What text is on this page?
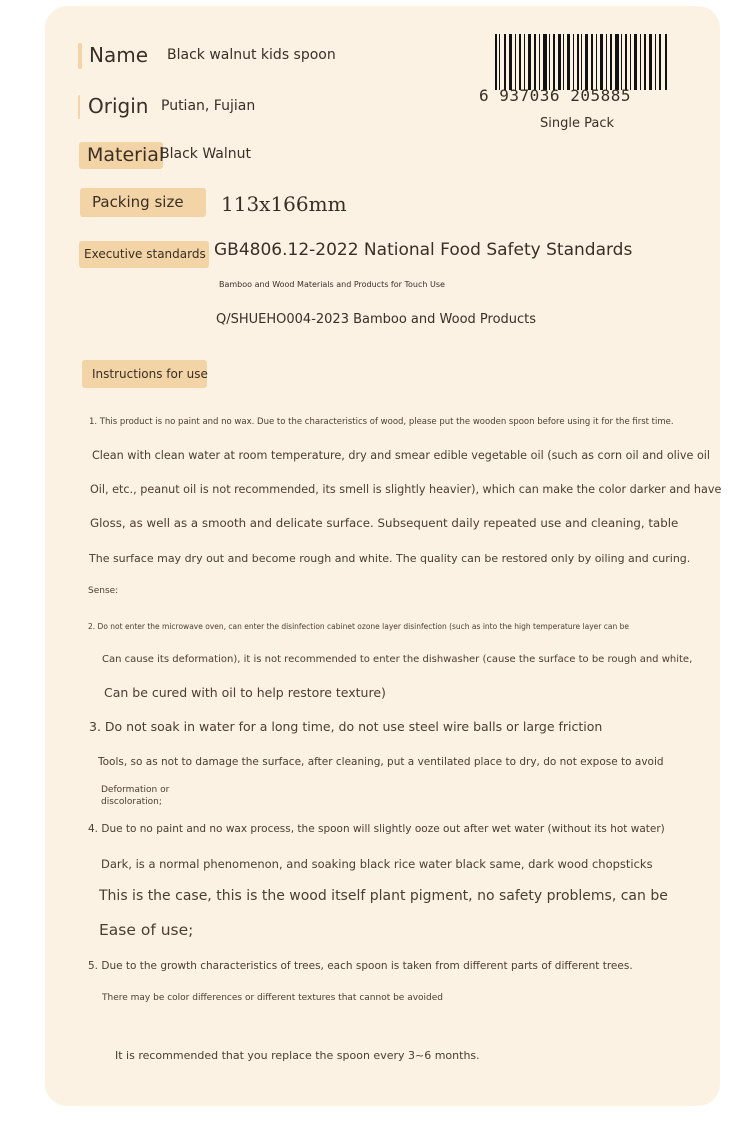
Name Black walnut kids spoon
Origin Putian, Fujian
Material
Black Walnut
Packing size 113x166mm
Executive standards GB4806.12-2022 National Food Safety Standards
Bamboo and Wood Materials and Products for Touch Use
Q/SHUEHO004-2023 Bamboo and Wood Products
6 937036 205885
Single Pack
Instructions for use
1. This product is no paint and no wax. Due to the characteristics of wood, please put the wooden spoon before using it for the first time.
Clean with clean water at room temperature, dry and smear edible vegetable oil (such as corn oil and olive oil
Oil, etc., peanut oil is not recommended, its smell is slightly heavier), which can make the color darker and have
Gloss, as well as a smooth and delicate surface. Subsequent daily repeated use and cleaning, table
The surface may dry out and become rough and white. The quality can be restored only by oiling and curing.
Sense:
2. Do not enter the microwave oven, can enter the disinfection cabinet ozone layer disinfection (such as into the high temperature layer can be
Can cause its deformation), it is not recommended to enter the dishwasher (cause the surface to be rough and white,
Can be cured with oil to help restore texture)
3. Do not soak in water for a long time, do not use steel wire balls or large friction
Tools, so as not to damage the surface, after cleaning, put a ventilated place to dry, do not expose to avoid
Deformation or
discoloration;
4. Due to no paint and no wax process, the spoon will slightly ooze out after wet water (without its hot water)
Dark, is a normal phenomenon, and soaking black rice water black same, dark wood chopsticks
This is the case, this is the wood itself plant pigment, no safety problems, can be
Ease of use;
5. Due to the growth characteristics of trees, each spoon is taken from different parts of different trees.
There may be color differences or different textures that cannot be avoided
It is recommended that you replace the spoon every 3~6 months.
